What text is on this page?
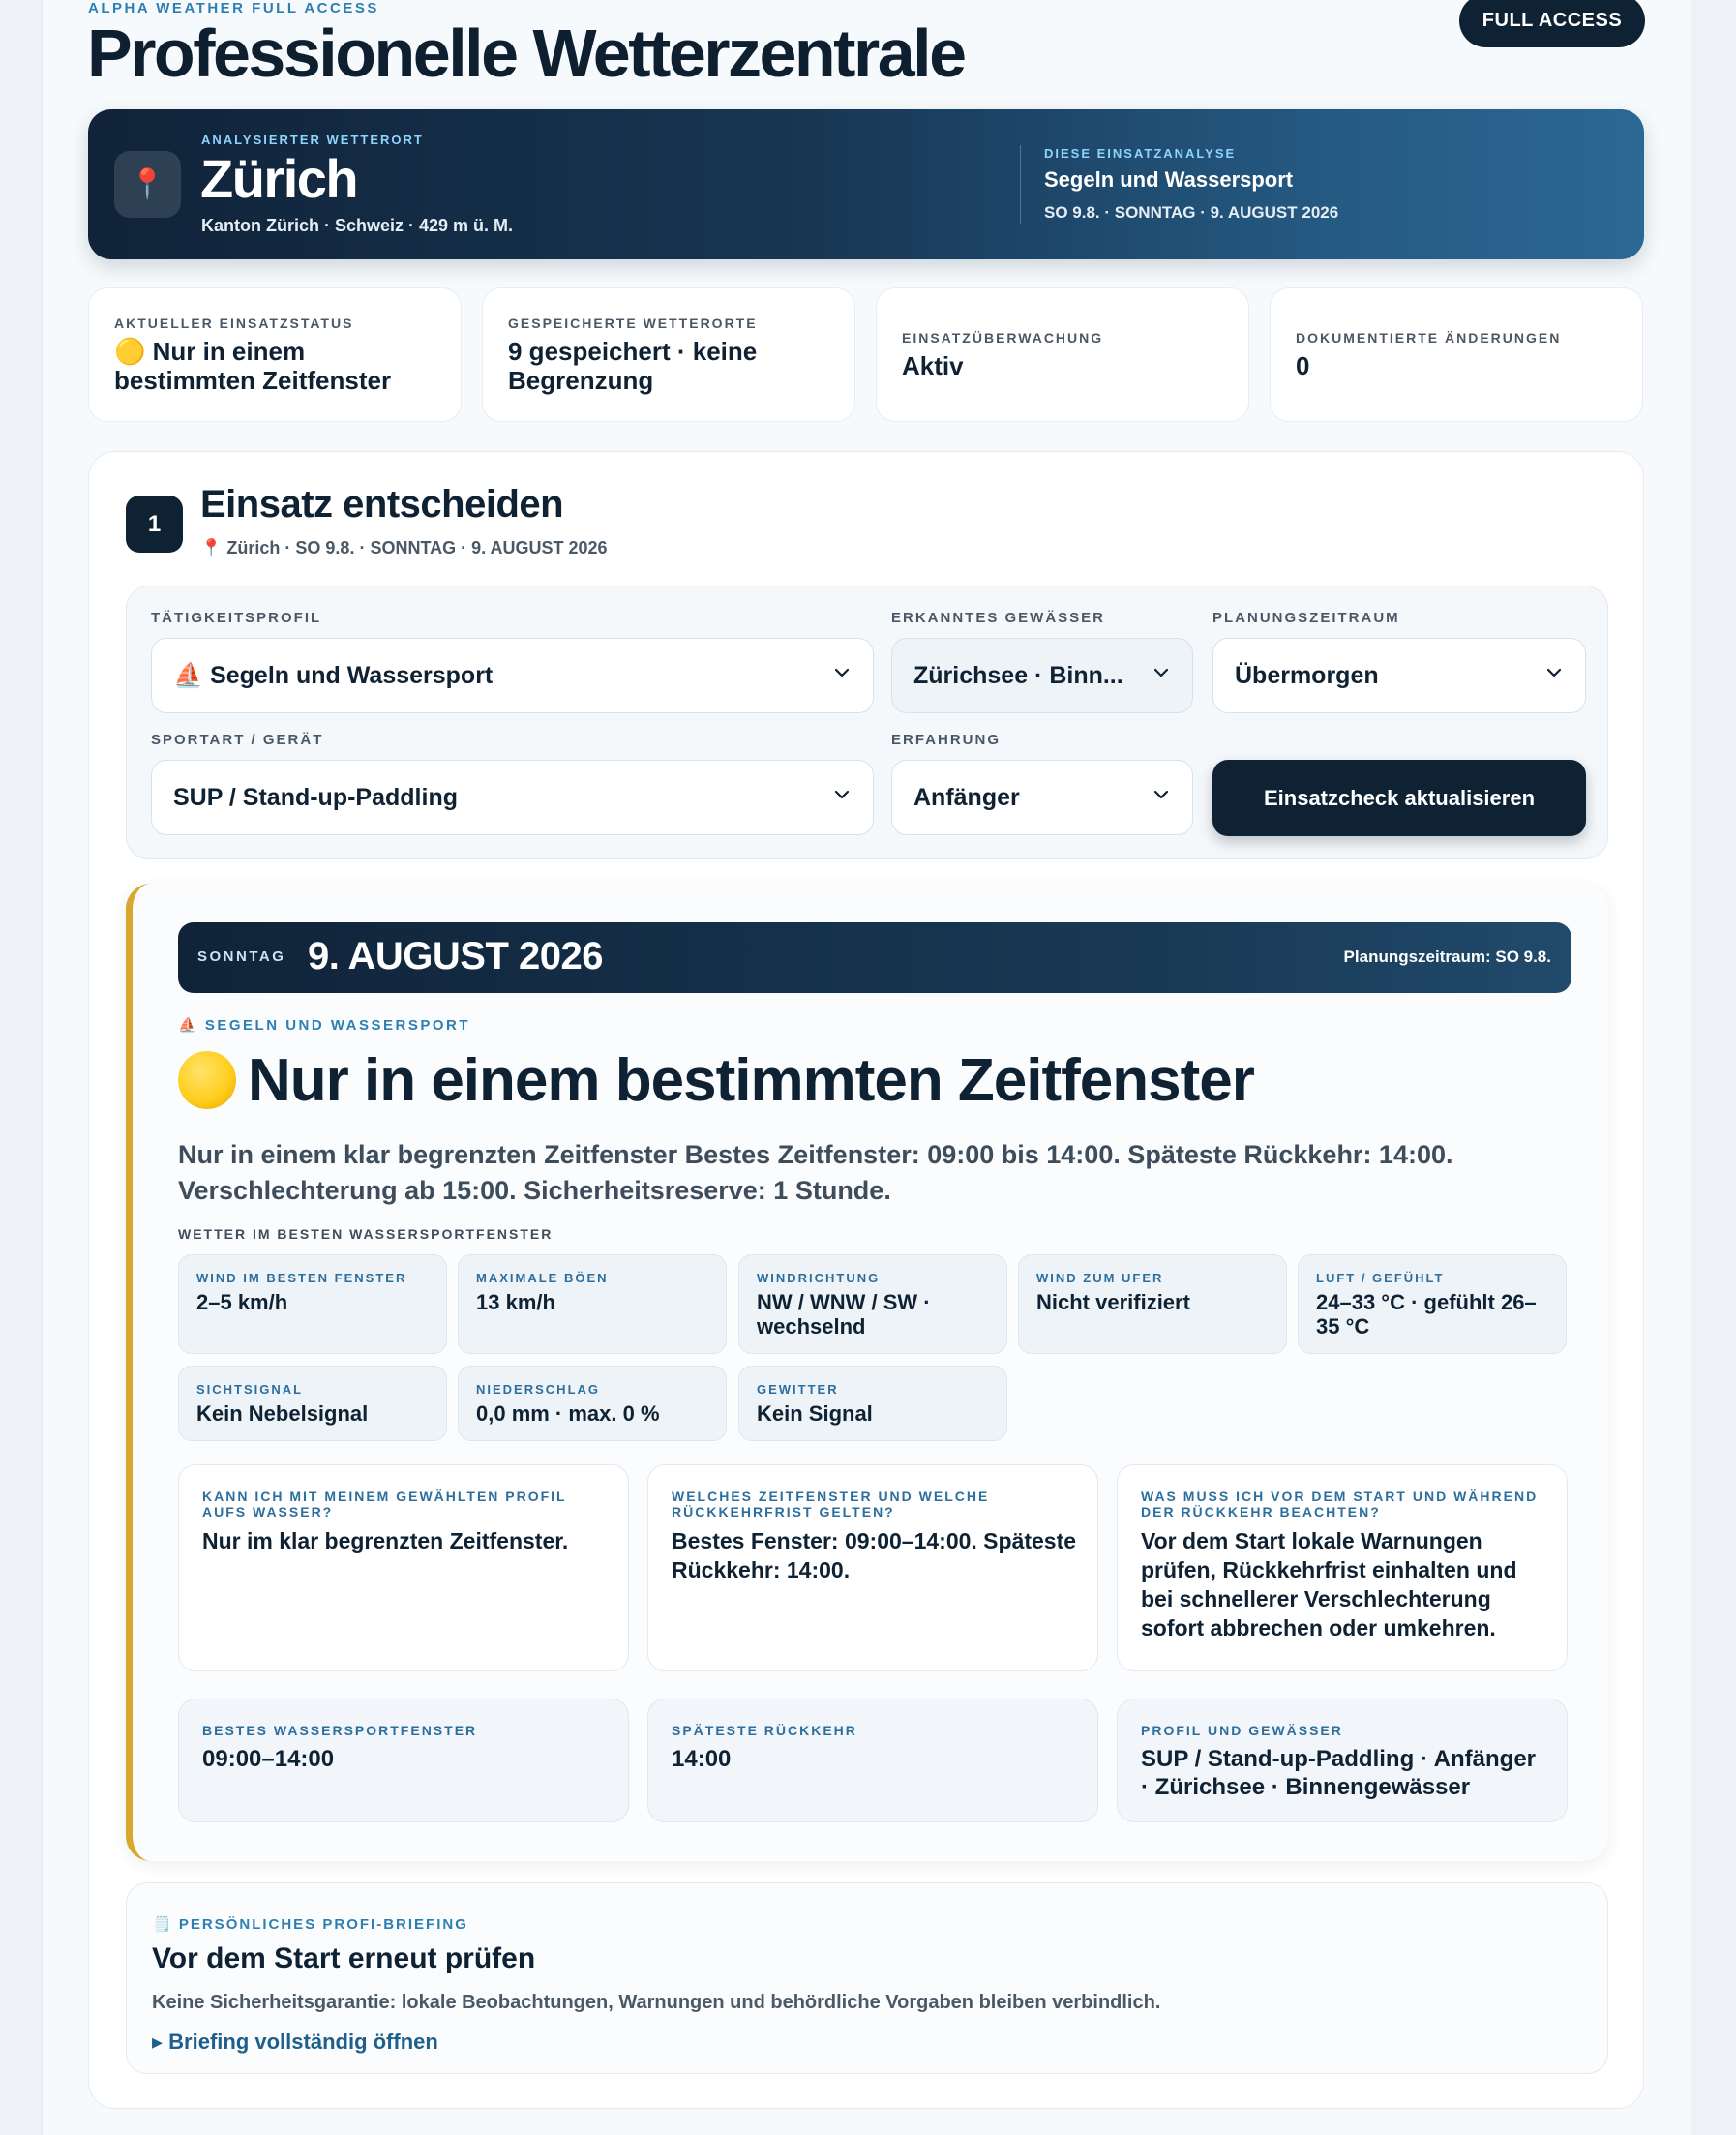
ALPHA WEATHER FULL ACCESS
Professionelle Wetterzentrale	FULL ACCESS
📍
ANALYSIERTER WETTERORT
Zürich
Kanton Zürich · Schweiz · 429 m ü. M.
DIESE EINSATZANALYSE
Segeln und Wassersport
SO 9.8. · SONNTAG · 9. AUGUST 2026
AKTUELLER EINSATZSTATUS
🟡 Nur in einem bestimmten Zeitfenster
GESPEICHERTE WETTERORTE
9 gespeichert · keine Begrenzung
EINSATZÜBERWACHUNG
Aktiv
DOKUMENTIERTE ÄNDERUNGEN
0
1	Einsatz entscheiden
📍 Zürich · SO 9.8. · SONNTAG · 9. AUGUST 2026
TÄTIGKEITSPROFIL
⛵ Segeln und Wassersport
ERKANNTES GEWÄSSER
Zürichsee · Binn...
PLANUNGSZEITRAUM
Übermorgen
SPORTART / GERÄT
SUP / Stand-up-Paddling
ERFAHRUNG
Anfänger	Einsatzcheck aktualisieren
SONNTAG 9. AUGUST 2026	Planungszeitraum: SO 9.8.
⛵ SEGELN UND WASSERSPORT
Nur in einem bestimmten Zeitfenster
Nur in einem klar begrenzten Zeitfenster Bestes Zeitfenster: 09:00 bis 14:00. Späteste Rückkehr: 14:00. Verschlechterung ab 15:00. Sicherheitsreserve: 1 Stunde.
WETTER IM BESTEN WASSERSPORTFENSTER
WIND IM BESTEN FENSTER
2–5 km/h
MAXIMALE BÖEN
13 km/h
WINDRICHTUNG
NW / WNW / SW · wechselnd
WIND ZUM UFER
Nicht verifiziert
LUFT / GEFÜHLT
24–33 °C · gefühlt 26–35 °C
SICHTSIGNAL
Kein Nebelsignal
NIEDERSCHLAG
0,0 mm · max. 0 %
GEWITTER
Kein Signal
KANN ICH MIT MEINEM GEWÄHLTEN PROFIL AUFS WASSER?
Nur im klar begrenzten Zeitfenster.
WELCHES ZEITFENSTER UND WELCHE RÜCKKEHRFRIST GELTEN?
Bestes Fenster: 09:00–14:00. Späteste Rückkehr: 14:00.
WAS MUSS ICH VOR DEM START UND WÄHREND DER RÜCKKEHR BEACHTEN?
Vor dem Start lokale Warnungen prüfen, Rückkehrfrist einhalten und bei schnellerer Verschlechterung sofort abbrechen oder umkehren.
BESTES WASSERSPORTFENSTER
09:00–14:00
SPÄTESTE RÜCKKEHR
14:00
PROFIL UND GEWÄSSER
SUP / Stand-up-Paddling · Anfänger · Zürichsee · Binnengewässer
🗒️ PERSÖNLICHES PROFI-BRIEFING
Vor dem Start erneut prüfen
Keine Sicherheitsgarantie: lokale Beobachtungen, Warnungen und behördliche Vorgaben bleiben verbindlich.
▸ Briefing vollständig öffnen
